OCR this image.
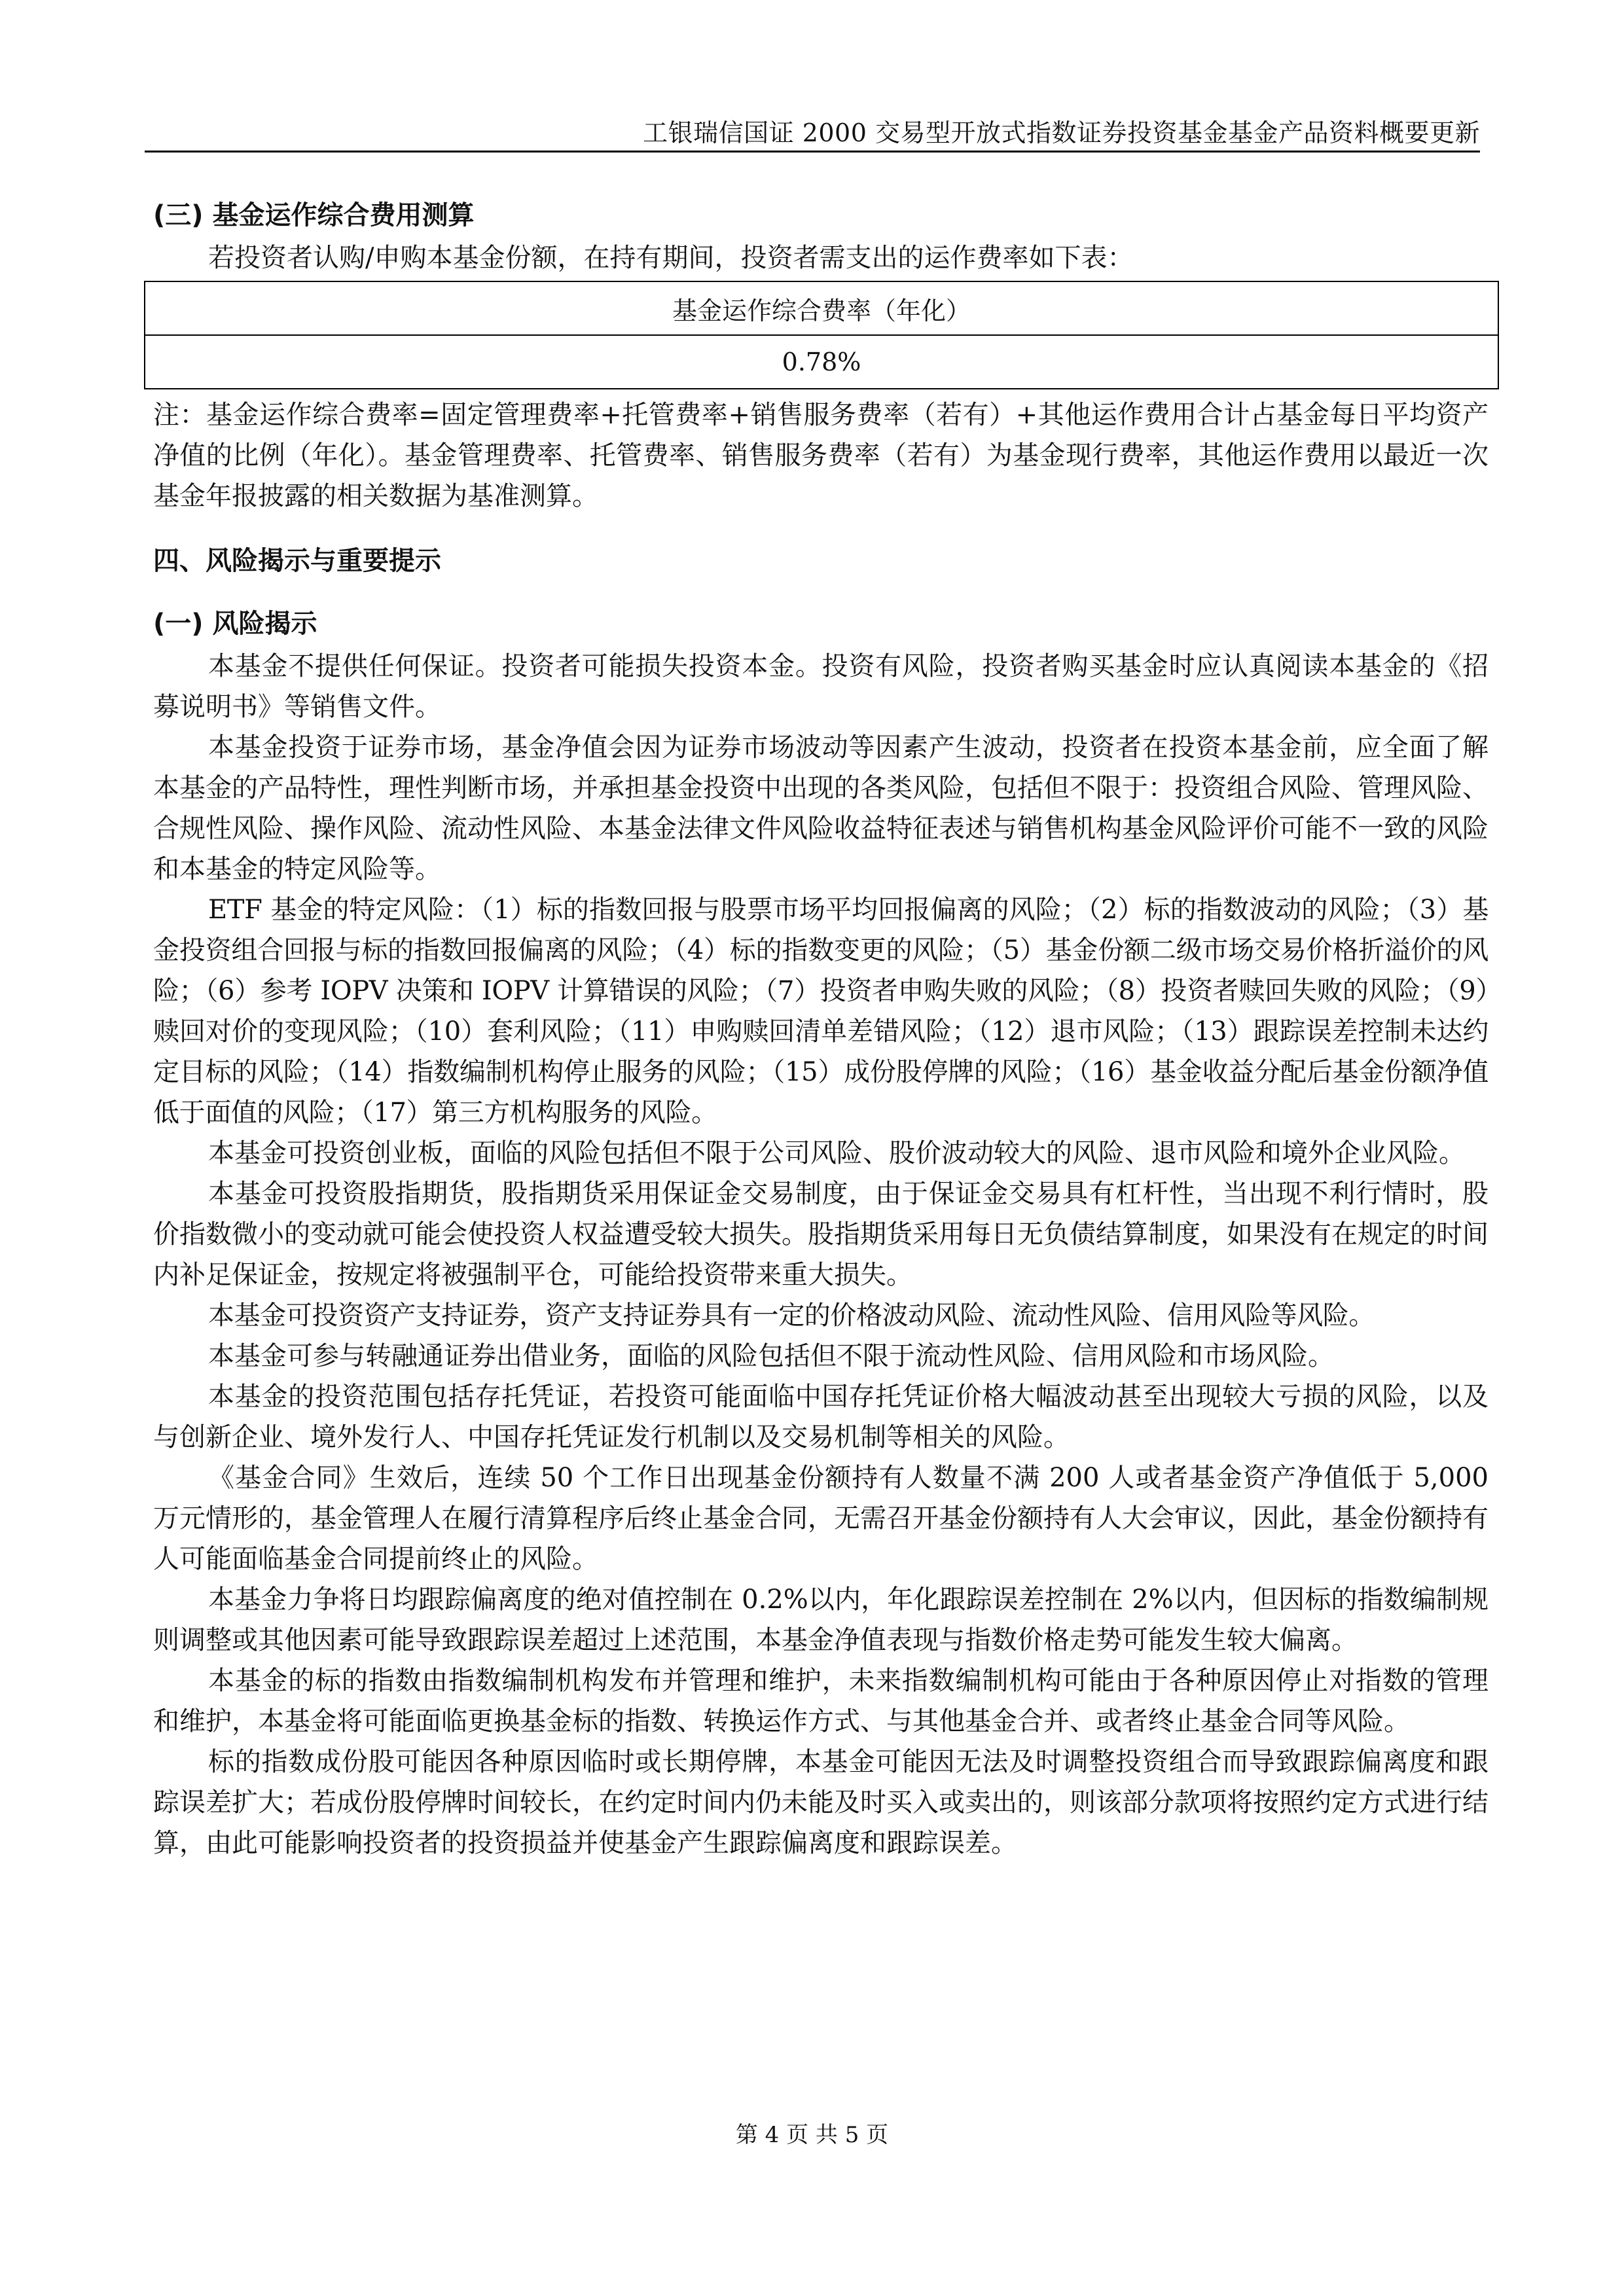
工银瑞信国证 2000 交易型开放式指数证券投资基金基金产品资料概要更新
(三) 基金运作综合费用测算

若投资者认购/申购本基金份额，在持有期间，投资者需支出的运作费率如下表：

基金运作综合费率（年化）
0.78%

注：基金运作综合费率=固定管理费率+托管费率+销售服务费率（若有）+其他运作费用合计占基金每日平均资产净值的比例（年化）。基金管理费率、托管费率、销售服务费率（若有）为基金现行费率，其他运作费用以最近一次基金年报披露的相关数据为基准测算。

四、风险揭示与重要提示
(一) 风险揭示

本基金不提供任何保证。投资者可能损失投资本金。投资有风险，投资者购买基金时应认真阅读本基金的《招募说明书》等销售文件。

本基金投资于证券市场，基金净值会因为证券市场波动等因素产生波动，投资者在投资本基金前，应全面了解本基金的产品特性，理性判断市场，并承担基金投资中出现的各类风险，包括但不限于：投资组合风险、管理风险、合规性风险、操作风险、流动性风险、本基金法律文件风险收益特征表述与销售机构基金风险评价可能不一致的风险和本基金的特定风险等。

ETF 基金的特定风险：（1）标的指数回报与股票市场平均回报偏离的风险；（2）标的指数波动的风险；（3）基金投资组合回报与标的指数回报偏离的风险；（4）标的指数变更的风险；（5）基金份额二级市场交易价格折溢价的风险；（6）参考 IOPV 决策和 IOPV 计算错误的风险；（7）投资者申购失败的风险；（8）投资者赎回失败的风险；（9）赎回对价的变现风险；（10）套利风险；（11）申购赎回清单差错风险；（12）退市风险；（13）跟踪误差控制未达约定目标的风险；（14）指数编制机构停止服务的风险；（15）成份股停牌的风险；（16）基金收益分配后基金份额净值低于面值的风险；（17）第三方机构服务的风险。

本基金可投资创业板，面临的风险包括但不限于公司风险、股价波动较大的风险、退市风险和境外企业风险。

本基金可投资股指期货，股指期货采用保证金交易制度，由于保证金交易具有杠杆性，当出现不利行情时，股价指数微小的变动就可能会使投资人权益遭受较大损失。股指期货采用每日无负债结算制度，如果没有在规定的时间内补足保证金，按规定将被强制平仓，可能给投资带来重大损失。

本基金可投资资产支持证券，资产支持证券具有一定的价格波动风险、流动性风险、信用风险等风险。

本基金可参与转融通证券出借业务，面临的风险包括但不限于流动性风险、信用风险和市场风险。

本基金的投资范围包括存托凭证，若投资可能面临中国存托凭证价格大幅波动甚至出现较大亏损的风险，以及与创新企业、境外发行人、中国存托凭证发行机制以及交易机制等相关的风险。

《基金合同》生效后，连续 50 个工作日出现基金份额持有人数量不满 200 人或者基金资产净值低于 5,000 万元情形的，基金管理人在履行清算程序后终止基金合同，无需召开基金份额持有人大会审议，因此，基金份额持有人可能面临基金合同提前终止的风险。

本基金力争将日均跟踪偏离度的绝对值控制在 0.2%以内，年化跟踪误差控制在 2%以内，但因标的指数编制规则调整或其他因素可能导致跟踪误差超过上述范围，本基金净值表现与指数价格走势可能发生较大偏离。

本基金的标的指数由指数编制机构发布并管理和维护，未来指数编制机构可能由于各种原因停止对指数的管理和维护，本基金将可能面临更换基金标的指数、转换运作方式、与其他基金合并、或者终止基金合同等风险。

标的指数成份股可能因各种原因临时或长期停牌，本基金可能因无法及时调整投资组合而导致跟踪偏离度和跟踪误差扩大；若成份股停牌时间较长，在约定时间内仍未能及时买入或卖出的，则该部分款项将按照约定方式进行结算，由此可能影响投资者的投资损益并使基金产生跟踪偏离度和跟踪误差。

第 4 页 共 5 页
